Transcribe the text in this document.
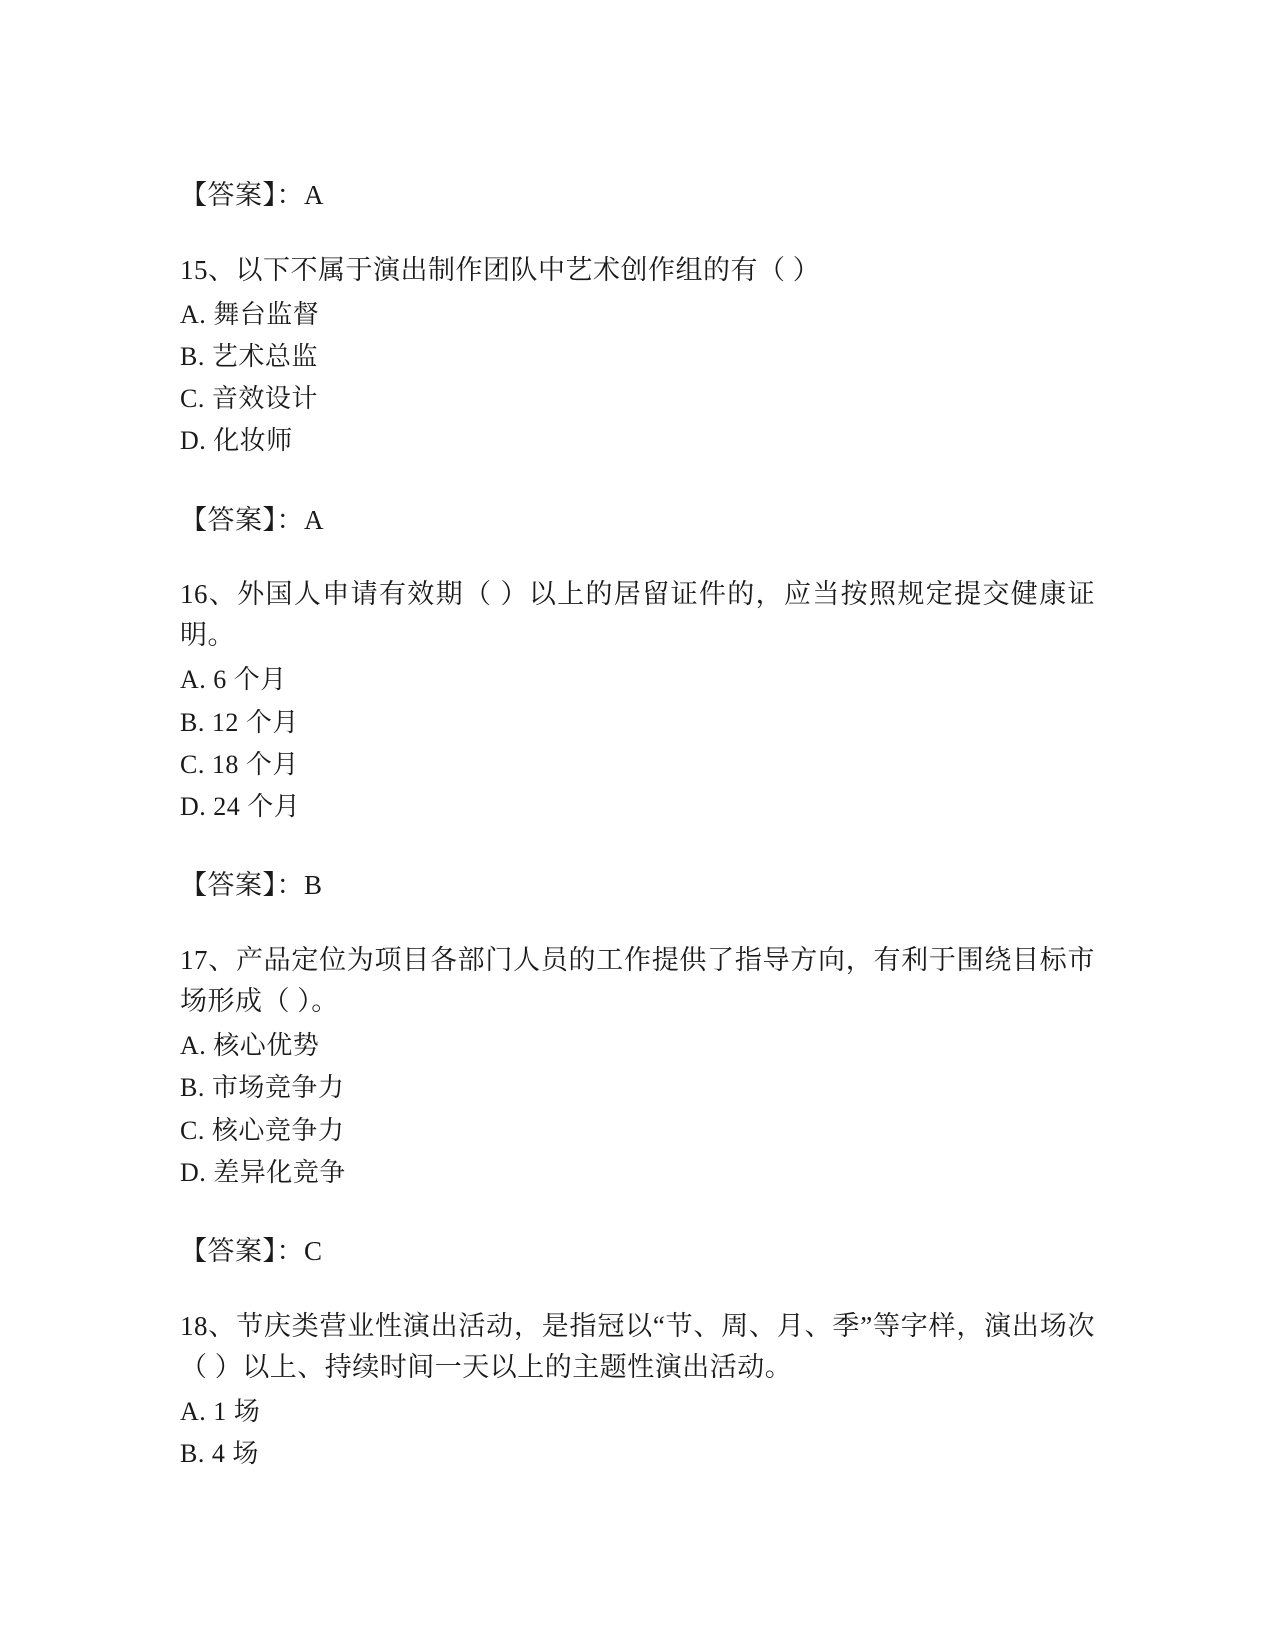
【答案】：A
15、以下不属于演出制作团队中艺术创作组的有（ ）
A. 舞台监督
B. 艺术总监
C. 音效设计
D. 化妆师
【答案】：A
16、外国人申请有效期（ ）以上的居留证件的，应当按照规定提交健康证明。
A. 6 个月
B. 12 个月
C. 18 个月
D. 24 个月
【答案】：B
17、产品定位为项目各部门人员的工作提供了指导方向，有利于围绕目标市场形成（ ）。
A. 核心优势
B. 市场竞争力
C. 核心竞争力
D. 差异化竞争
【答案】：C
18、节庆类营业性演出活动，是指冠以“节、周、月、季”等字样，演出场次（ ）以上、持续时间一天以上的主题性演出活动。
A. 1 场
B. 4 场
